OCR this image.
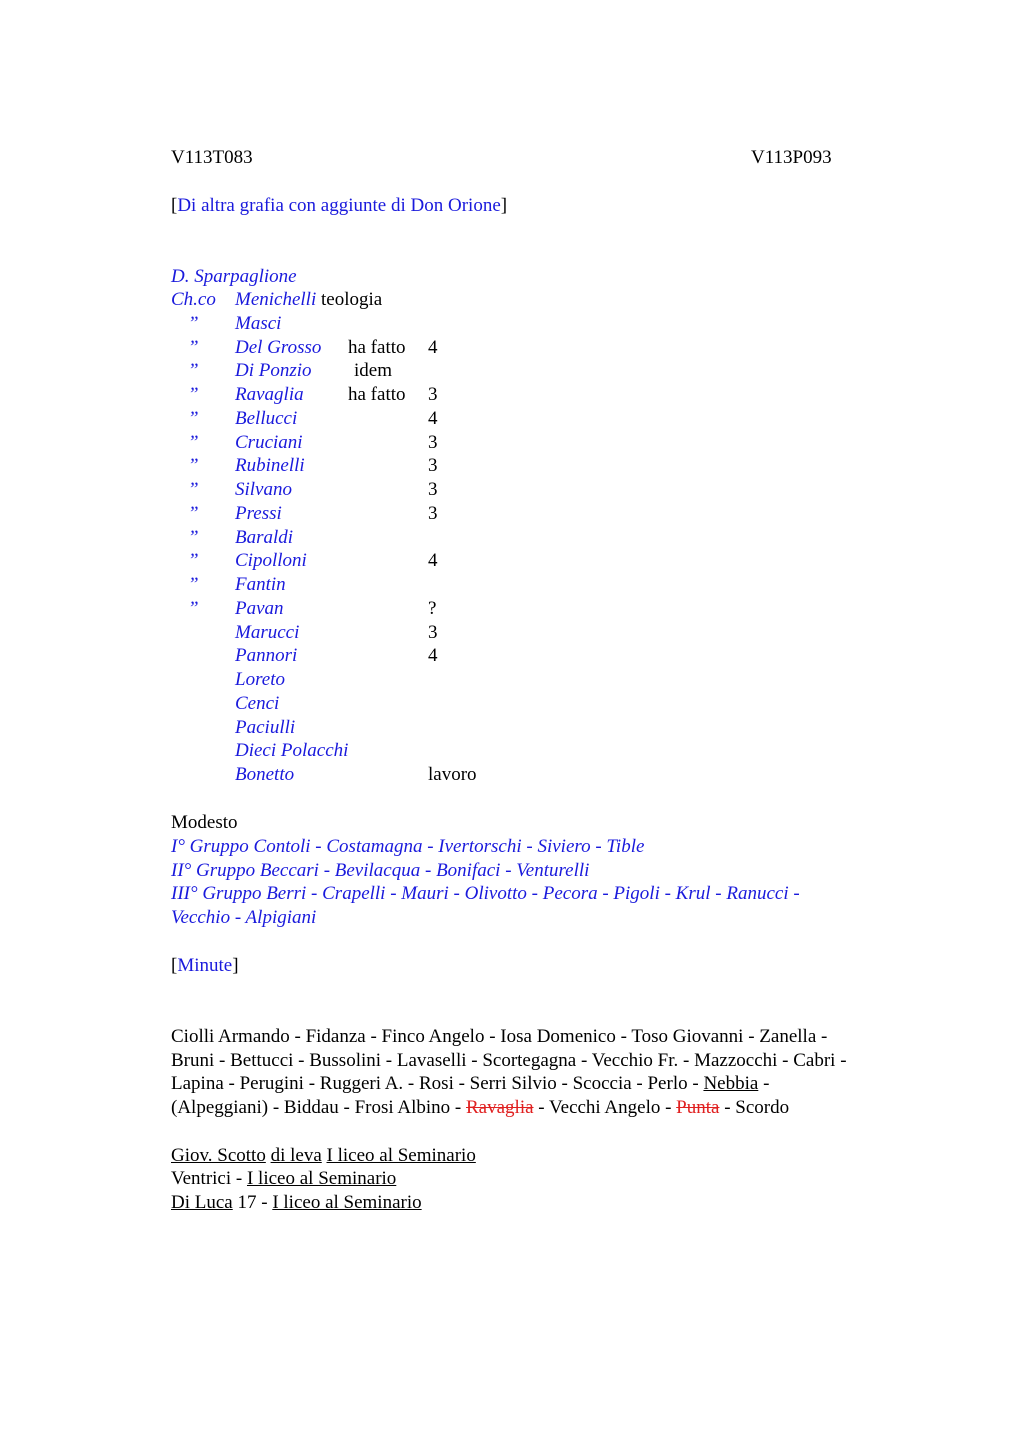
V113T083	V113P093
[Di altra grafia con aggiunte di Don Orione]
D. Sparpaglione
Ch.co	Menichelli teologia
”	Masci
”	Del Grosso ha fatto 4
”	Di Ponzio idem
”	Ravaglia ha fatto 3
”	Bellucci	4
”	Cruciani	3
”	Rubinelli	3
”	Silvano	3
”	Pressi	3
”	Baraldi
”	Cipolloni	4
”	Fantin
”	Pavan	?
Marucci	3
Pannori	4
Loreto
Cenci
Paciulli
Dieci Polacchi
Bonetto	lavoro
Modesto
I° Gruppo Contoli - Costamagna - Ivertorschi - Siviero - Tible
II° Gruppo Beccari - Bevilacqua - Bonifaci - Venturelli
III° Gruppo Berri - Crapelli - Mauri - Olivotto - Pecora - Pigoli - Krul - Ranucci -
Vecchio - Alpigiani
[Minute]
Ciolli Armando - Fidanza - Finco Angelo - Iosa Domenico - Toso Giovanni - Zanella -
Bruni - Bettucci - Bussolini - Lavaselli - Scortegagna - Vecchio Fr. - Mazzocchi - Cabri -
Lapina - Perugini - Ruggeri A. - Rosi - Serri Silvio - Scoccia - Perlo - Nebbia -
(Alpeggiani) - Biddau - Frosi Albino - Ravaglia - Vecchi Angelo - Punta - Scordo
Giov. Scotto di leva I liceo al Seminario
Ventrici - I liceo al Seminario
Di Luca 17 - I liceo al Seminario
